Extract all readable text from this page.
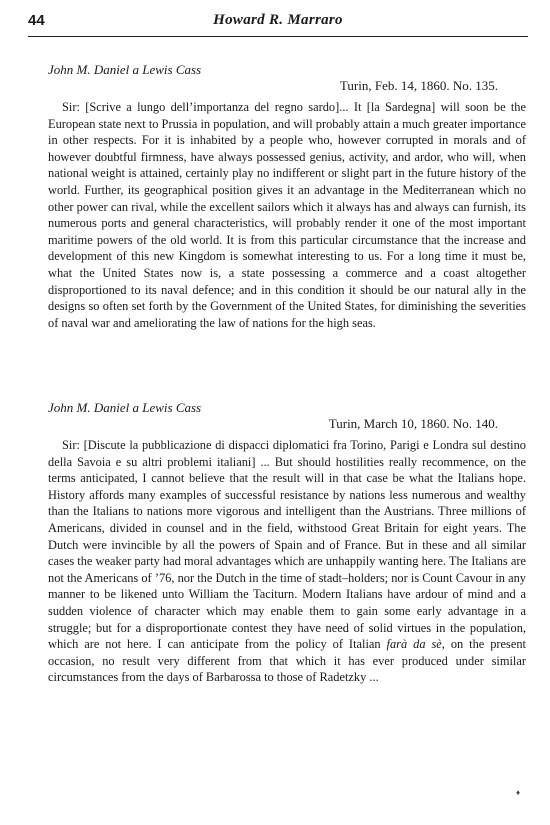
44	Howard R. Marraro

John M. Daniel a Lewis Cass

Turin, Feb. 14, 1860. No. 135.

Sir: [Scrive a lungo dell’importanza del regno sardo]... It [la Sardegna] will soon be the European state next to Prussia in population, and will probably attain a much greater importance in other respects. For it is inhabited by a people who, however corrupted in morals and of however doubtful firmness, have always possessed genius, activity, and ardor, who will, when national weight is attained, certainly play no indifferent or slight part in the future history of the world. Further, its geographical position gives it an advantage in the Mediterranean which no other power can rival, while the excellent sailors which it always has and always can furnish, its numerous ports and general characteristics, will probably render it one of the most important maritime powers of the old world. It is from this particular circumstance that the increase and development of this new Kingdom is somewhat interesting to us. For a long time it must be, what the United States now is, a state possessing a commerce and a coast altogether disproportioned to its naval defence; and in this condition it should be our natural ally in the designs so often set forth by the Government of the United States, for diminishing the severities of naval war and ameliorating the law of nations for the high seas.

John M. Daniel a Lewis Cass

Turin, March 10, 1860. No. 140.

Sir: [Discute la pubblicazione di dispacci diplomatici fra Torino, Parigi e Londra sul destino della Savoia e su altri problemi italiani] ... But should hostilities really recommence, on the terms anticipated, I cannot believe that the result will in that case be what the Italians hope. History affords many examples of successful resistance by nations less numerous and wealthy than the Italians to nations more vigorous and intelligent than the Austrians. Three millions of Americans, divided in counsel and in the field, withstood Great Britain for eight years. The Dutch were invincible by all the powers of Spain and of France. But in these and all similar cases the weaker party had moral advantages which are unhappily wanting here. The Italians are not the Americans of ’76, nor the Dutch in the time of stadt–holders; nor is Count Cavour in any manner to be likened unto William the Taciturn. Modern Italians have ardour of mind and a sudden violence of character which may enable them to gain some early advantage in a struggle; but for a disproportionate contest they have need of solid virtues in the population, which are not here. I can anticipate from the policy of Italian farà da sè, on the present occasion, no result very different from that which it has ever produced under similar circumstances from the days of Barbarossa to those of Radetzky ...

♦
